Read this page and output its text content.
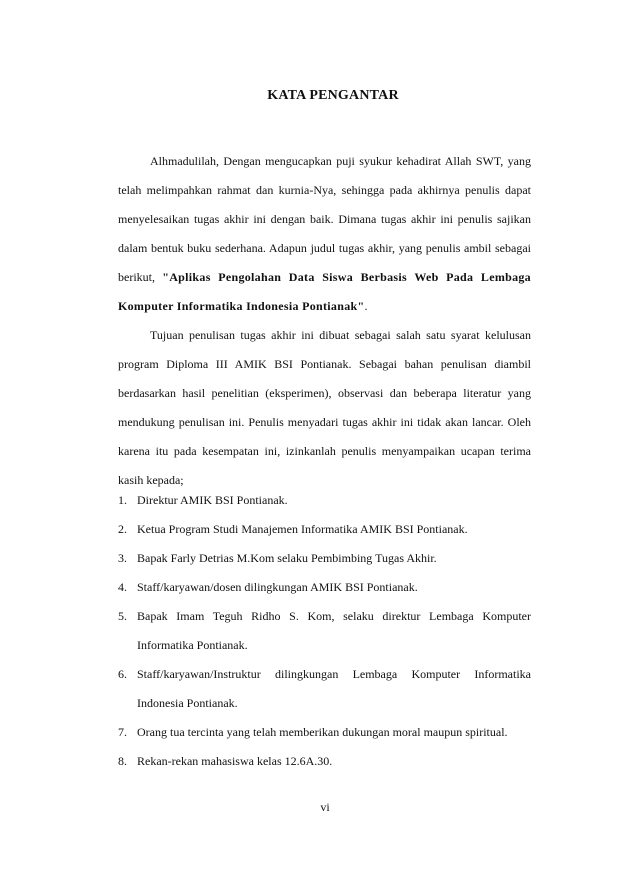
KATA PENGANTAR

Alhmadulilah, Dengan mengucapkan puji syukur kehadirat Allah SWT, yang telah melimpahkan rahmat dan kurnia-Nya, sehingga pada akhirnya penulis dapat menyelesaikan tugas akhir ini dengan baik. Dimana tugas akhir ini penulis sajikan dalam bentuk buku sederhana. Adapun judul tugas akhir, yang penulis ambil sebagai berikut, "Aplikas Pengolahan Data Siswa Berbasis Web Pada Lembaga Komputer Informatika Indonesia Pontianak".

Tujuan penulisan tugas akhir ini dibuat sebagai salah satu syarat kelulusan program Diploma III AMIK BSI Pontianak. Sebagai bahan penulisan diambil berdasarkan hasil penelitian (eksperimen), observasi dan beberapa literatur yang mendukung penulisan ini. Penulis menyadari tugas akhir ini tidak akan lancar. Oleh karena itu pada kesempatan ini, izinkanlah penulis menyampaikan ucapan terima kasih kepada;

1. Direktur AMIK BSI Pontianak.
2. Ketua Program Studi Manajemen Informatika AMIK BSI Pontianak.
3. Bapak Farly Detrias M.Kom selaku Pembimbing Tugas Akhir.
4. Staff/karyawan/dosen dilingkungan AMIK BSI Pontianak.
5. Bapak Imam Teguh Ridho S. Kom, selaku direktur Lembaga Komputer Informatika Pontianak.
6. Staff/karyawan/Instruktur dilingkungan Lembaga Komputer Informatika Indonesia Pontianak.
7. Orang tua tercinta yang telah memberikan dukungan moral maupun spiritual.
8. Rekan-rekan mahasiswa kelas 12.6A.30.
vi
